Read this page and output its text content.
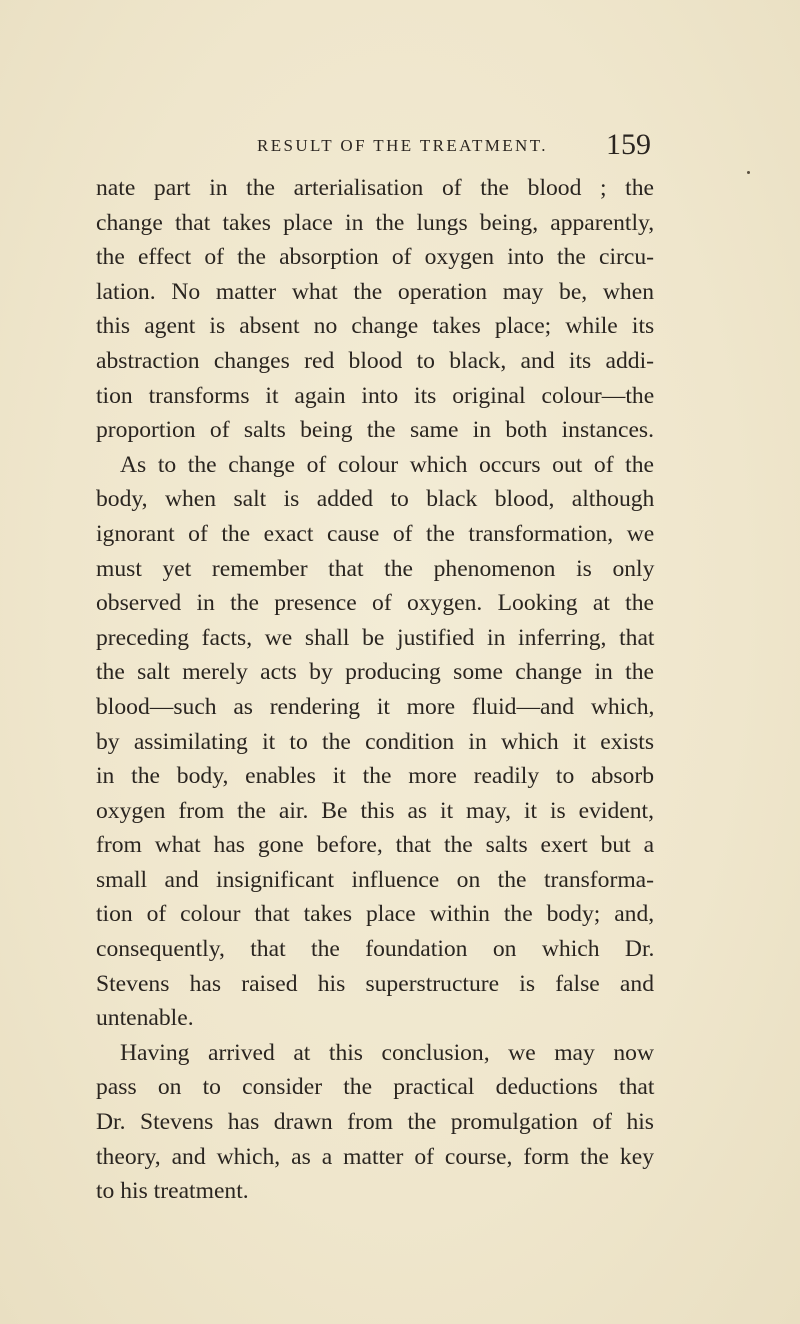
RESULT OF THE TREATMENT. 159
nate part in the arterialisation of the blood ; the
change that takes place in the lungs being, apparently,
the effect of the absorption of oxygen into the circu-
lation. No matter what the operation may be, when
this agent is absent no change takes place; while its
abstraction changes red blood to black, and its addi-
tion transforms it again into its original colour—the
proportion of salts being the same in both instances.
As to the change of colour which occurs out of the
body, when salt is added to black blood, although
ignorant of the exact cause of the transformation, we
must yet remember that the phenomenon is only
observed in the presence of oxygen. Looking at the
preceding facts, we shall be justified in inferring, that
the salt merely acts by producing some change in the
blood—such as rendering it more fluid—and which,
by assimilating it to the condition in which it exists
in the body, enables it the more readily to absorb
oxygen from the air. Be this as it may, it is evident,
from what has gone before, that the salts exert but a
small and insignificant influence on the transforma-
tion of colour that takes place within the body; and,
consequently, that the foundation on which Dr.
Stevens has raised his superstructure is false and
untenable.
Having arrived at this conclusion, we may now
pass on to consider the practical deductions that
Dr. Stevens has drawn from the promulgation of his
theory, and which, as a matter of course, form the key
to his treatment.
